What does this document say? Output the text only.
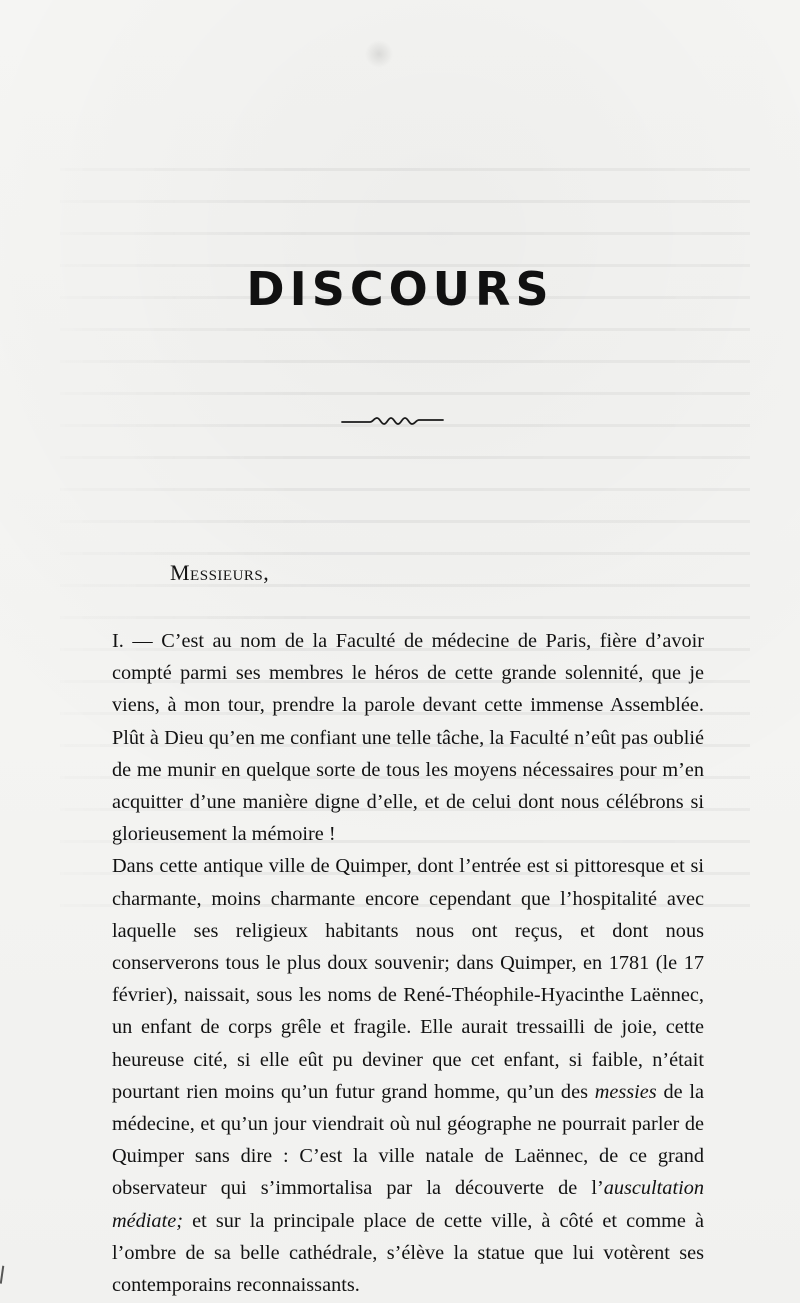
DISCOURS
Messieurs,

I. — C’est au nom de la Faculté de médecine de Paris, fière d’avoir compté parmi ses membres le héros de cette grande solennité, que je viens, à mon tour, prendre la parole devant cette immense Assemblée. Plût à Dieu qu’en me confiant une telle tâche, la Faculté n’eût pas oublié de me munir en quelque sorte de tous les moyens nécessaires pour m’en acquitter d’une manière digne d’elle, et de celui dont nous célébrons si glorieusement la mémoire !

Dans cette antique ville de Quimper, dont l’entrée est si pittoresque et si charmante, moins charmante encore cependant que l’hospitalité avec laquelle ses religieux habitants nous ont reçus, et dont nous conserverons tous le plus doux souvenir; dans Quimper, en 1781 (le 17 février), naissait, sous les noms de René-Théophile-Hyacinthe Laënnec, un enfant de corps grêle et fragile. Elle aurait tressailli de joie, cette heureuse cité, si elle eût pu deviner que cet enfant, si faible, n’était pourtant rien moins qu’un futur grand homme, qu’un des messies de la médecine, et qu’un jour viendrait où nul géographe ne pourrait parler de Quimper sans dire : C’est la ville natale de Laënnec, de ce grand observateur qui s’immortalisa par la découverte de l’auscultation médiate; et sur la principale place de cette ville, à côté et comme à l’ombre de sa belle cathédrale, s’élève la statue que lui votèrent ses contemporains reconnaissants.
